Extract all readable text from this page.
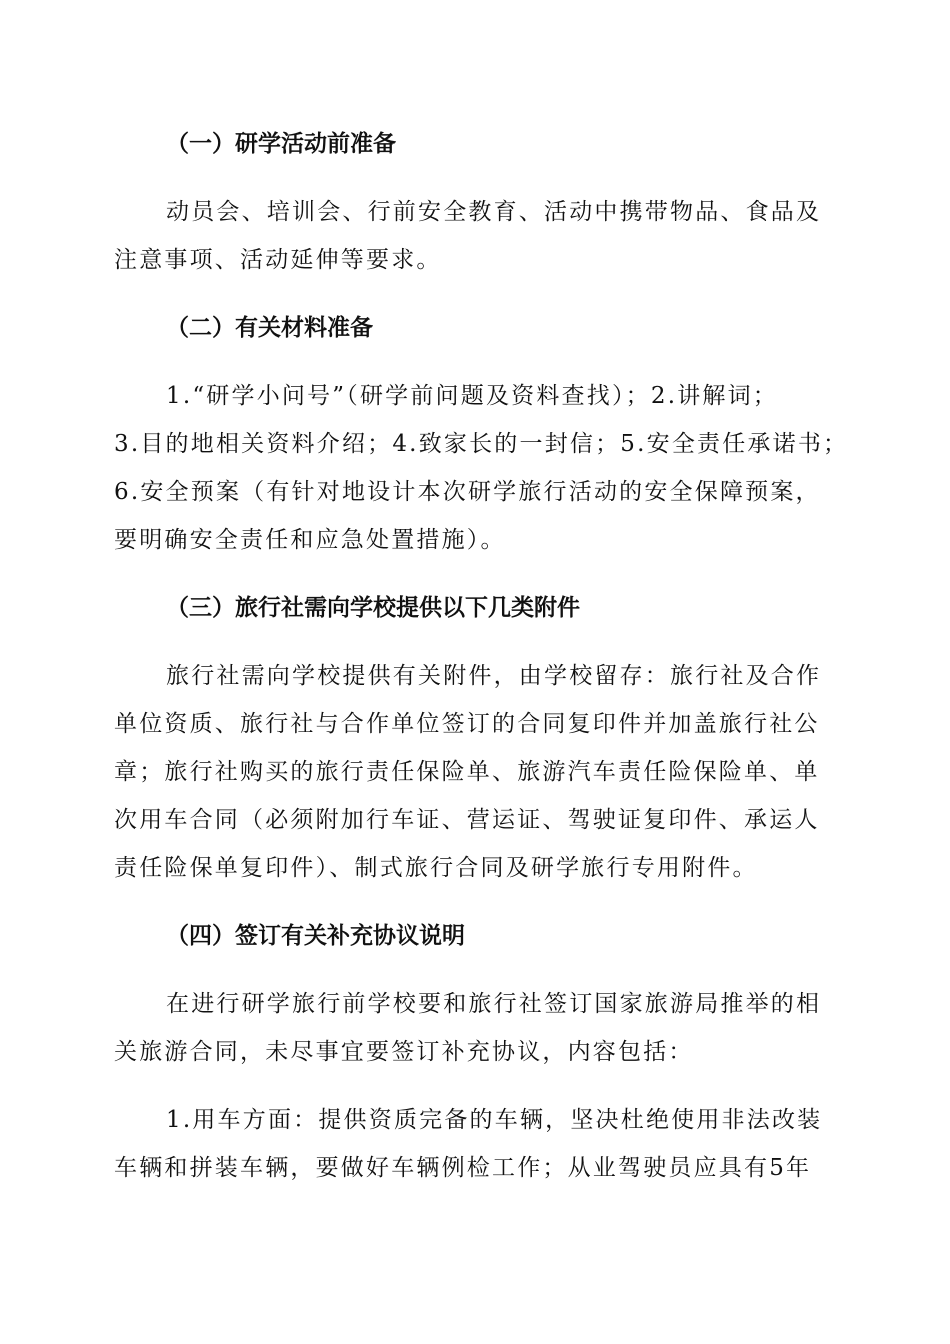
（一）研学活动前准备

动员会、培训会、行前安全教育、活动中携带物品、食品及
注意事项、活动延伸等要求。

（二）有关材料准备

1.“研学小问号”（研学前问题及资料查找）；2.讲解词；
3.目的地相关资料介绍；4.致家长的一封信；5.安全责任承诺书；
6.安全预案（有针对地设计本次研学旅行活动的安全保障预案，
要明确安全责任和应急处置措施）。

（三）旅行社需向学校提供以下几类附件

旅行社需向学校提供有关附件，由学校留存：旅行社及合作
单位资质、旅行社与合作单位签订的合同复印件并加盖旅行社公
章；旅行社购买的旅行责任保险单、旅游汽车责任险保险单、单
次用车合同（必须附加行车证、营运证、驾驶证复印件、承运人
责任险保单复印件）、制式旅行合同及研学旅行专用附件。

（四）签订有关补充协议说明

在进行研学旅行前学校要和旅行社签订国家旅游局推举的相
关旅游合同，未尽事宜要签订补充协议，内容包括：

1.用车方面：提供资质完备的车辆，坚决杜绝使用非法改装
车辆和拼装车辆，要做好车辆例检工作；从业驾驶员应具有5年
